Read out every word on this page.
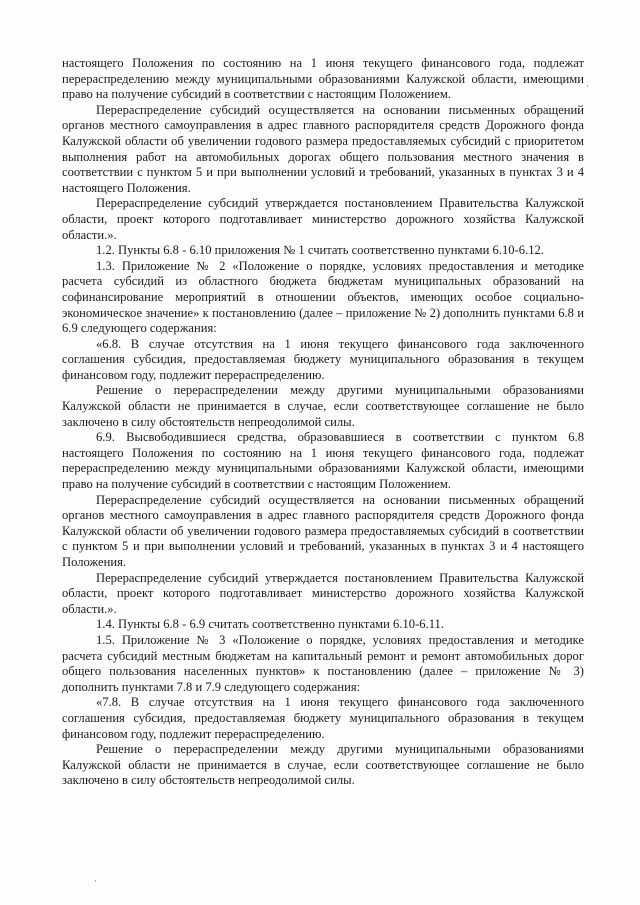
настоящего Положения по состоянию на 1 июня текущего финансового года, подлежат перераспределению между муниципальными образованиями Калужской области, имеющими право на получение субсидий в соответствии с настоящим Положением.

Перераспределение субсидий осуществляется на основании письменных обращений органов местного самоуправления в адрес главного распорядителя средств Дорожного фонда Калужской области об увеличении годового размера предоставляемых субсидий с приоритетом выполнения работ на автомобильных дорогах общего пользования местного значения в соответствии с пунктом 5 и при выполнении условий и требований, указанных в пунктах 3 и 4 настоящего Положения.

Перераспределение субсидий утверждается постановлением Правительства Калужской области, проект которого подготавливает министерство дорожного хозяйства Калужской области.».

1.2. Пункты 6.8 - 6.10 приложения № 1 считать соответственно пунктами 6.10-6.12.

1.3. Приложение № 2 «Положение о порядке, условиях предоставления и методике расчета субсидий из областного бюджета бюджетам муниципальных образований на софинансирование мероприятий в отношении объектов, имеющих особое социально-экономическое значение» к постановлению (далее – приложение № 2) дополнить пунктами 6.8 и 6.9 следующего содержания:

«6.8. В случае отсутствия на 1 июня текущего финансового года заключенного соглашения субсидия, предоставляемая бюджету муниципального образования в текущем финансовом году, подлежит перераспределению.

Решение о перераспределении между другими муниципальными образованиями Калужской области не принимается в случае, если соответствующее соглашение не было заключено в силу обстоятельств непреодолимой силы.

6.9. Высвободившиеся средства, образовавшиеся в соответствии с пунктом 6.8 настоящего Положения по состоянию на 1 июня текущего финансового года, подлежат перераспределению между муниципальными образованиями Калужской области, имеющими право на получение субсидий в соответствии с настоящим Положением.

Перераспределение субсидий осуществляется на основании письменных обращений органов местного самоуправления в адрес главного распорядителя средств Дорожного фонда Калужской области об увеличении годового размера предоставляемых субсидий в соответствии с пунктом 5 и при выполнении условий и требований, указанных в пунктах 3 и 4 настоящего Положения.

Перераспределение субсидий утверждается постановлением Правительства Калужской области, проект которого подготавливает министерство дорожного хозяйства Калужской области.».

1.4. Пункты 6.8 - 6.9 считать соответственно пунктами 6.10-6.11.

1.5. Приложение № 3 «Положение о порядке, условиях предоставления и методике расчета субсидий местным бюджетам на капитальный ремонт и ремонт автомобильных дорог общего пользования населенных пунктов» к постановлению (далее – приложение № 3) дополнить пунктами 7.8 и 7.9 следующего содержания:

«7.8. В случае отсутствия на 1 июня текущего финансового года заключенного соглашения субсидия, предоставляемая бюджету муниципального образования в текущем финансовом году, подлежит перераспределению.

Решение о перераспределении между другими муниципальными образованиями Калужской области не принимается в случае, если соответствующее соглашение не было заключено в силу обстоятельств непреодолимой силы.

·
·
